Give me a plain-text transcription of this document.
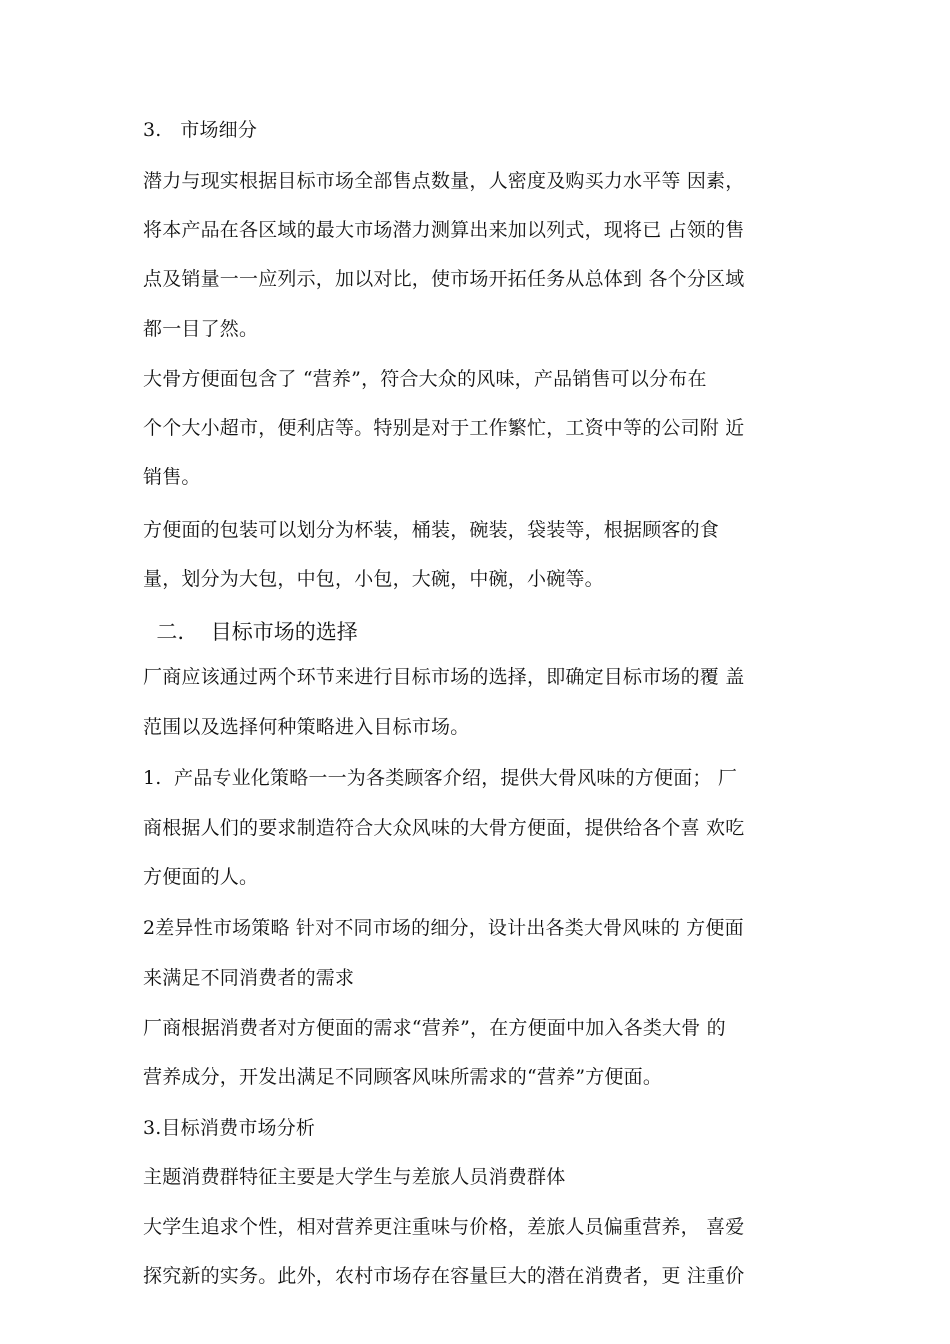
3.   市场细分
潜力与现实根据目标市场全部售点数量，人密度及购买力水平等 因素，
将本产品在各区域的最大市场潜力测算出来加以列式，现将已 占领的售
点及销量一一应列示，加以对比，使市场开拓任务从总体到 各个分区域
都一目了然。
大骨方便面包含了 “营养”，符合大众的风味，产品销售可以分布在
个个大小超市，便利店等。特别是对于工作繁忙，工资中等的公司附 近
销售。
方便面的包装可以划分为杯装，桶装，碗装，袋装等，根据顾客的食
量，划分为大包，中包，小包，大碗，中碗，小碗等。
二.    目标市场的选择
厂商应该通过两个环节来进行目标市场的选择，即确定目标市场的覆 盖
范围以及选择何种策略进入目标市场。
1.  产品专业化策略一一为各类顾客介绍，提供大骨风味的方便面； 厂
商根据人们的要求制造符合大众风味的大骨方便面，提供给各个喜 欢吃
方便面的人。
2差异性市场策略 针对不同市场的细分，设计出各类大骨风味的 方便面
来满足不同消费者的需求
厂商根据消费者对方便面的需求“营养”，在方便面中加入各类大骨 的
营养成分，开发出满足不同顾客风味所需求的“营养”方便面。
3.目标消费市场分析
主题消费群特征主要是大学生与差旅人员消费群体
大学生追求个性，相对营养更注重味与价格，差旅人员偏重营养， 喜爱
探究新的实务。此外，农村市场存在容量巨大的潜在消费者，更 注重价
